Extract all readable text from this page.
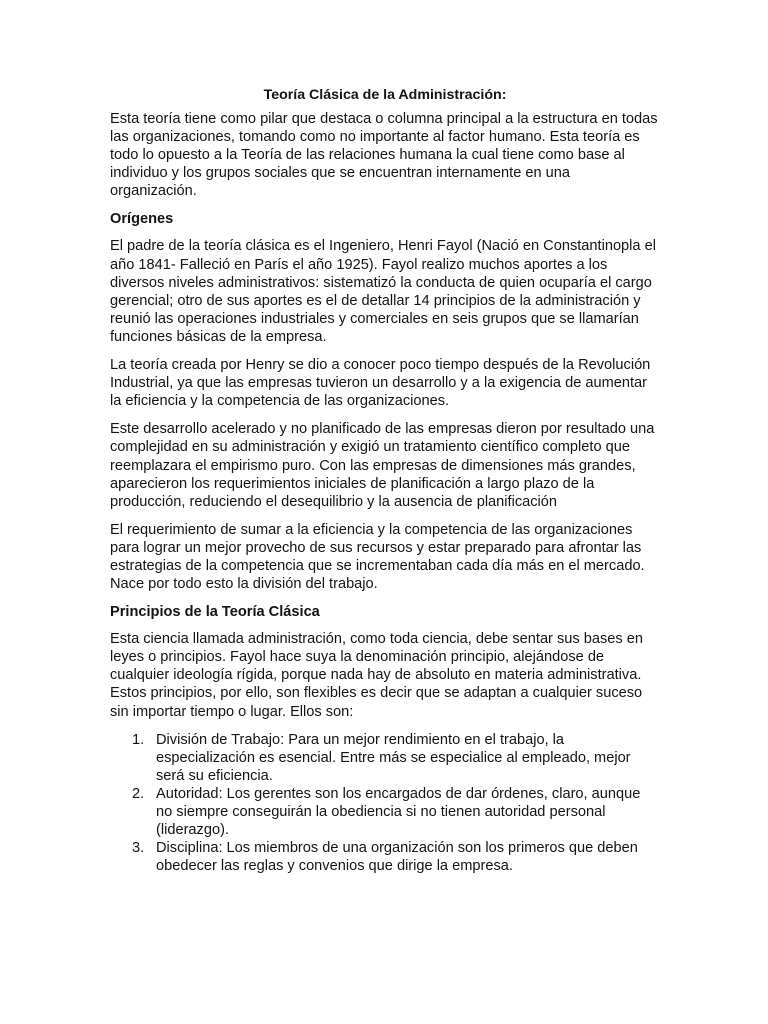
Teoría Clásica de la Administración:

Esta teoría tiene como pilar que destaca o columna principal a la estructura en todas las organizaciones, tomando como no importante al factor humano. Esta teoría es todo lo opuesto a la Teoría de las relaciones humana la cual tiene como base al individuo y los grupos sociales que se encuentran internamente en una organización.

Orígenes

El padre de la teoría clásica es el Ingeniero, Henri Fayol (Nació en Constantinopla el año 1841- Falleció en París el año 1925). Fayol realizo muchos aportes a los diversos niveles administrativos: sistematizó la conducta de quien ocuparía el cargo gerencial; otro de sus aportes es el de detallar 14 principios de la administración y reunió las operaciones industriales y comerciales en seis grupos que se llamarían funciones básicas de la empresa.

La teoría creada por Henry se dio a conocer poco tiempo después de la Revolución Industrial, ya que las empresas tuvieron un desarrollo y a la exigencia de aumentar la eficiencia y la competencia de las organizaciones.

Este desarrollo acelerado y no planificado de las empresas dieron por resultado una complejidad en su administración y exigió un tratamiento científico completo que reemplazara el empirismo puro. Con las empresas de dimensiones más grandes, aparecieron los requerimientos iniciales de planificación a largo plazo de la producción, reduciendo el desequilibrio y la ausencia de planificación

El requerimiento de sumar a la eficiencia y la competencia de las organizaciones para lograr un mejor provecho de sus recursos y estar preparado para afrontar las estrategias de la competencia que se incrementaban cada día más en el mercado. Nace por todo esto la división del trabajo.

Principios de la Teoría Clásica

Esta ciencia llamada administración, como toda ciencia, debe sentar sus bases en leyes o principios. Fayol hace suya la denominación principio, alejándose de cualquier ideología rígida, porque nada hay de absoluto en materia administrativa. Estos principios, por ello, son flexibles es decir que se adaptan a cualquier suceso sin importar tiempo o lugar. Ellos son:

1. División de Trabajo: Para un mejor rendimiento en el trabajo, la especialización es esencial. Entre más se especialice al empleado, mejor será su eficiencia.
2. Autoridad: Los gerentes son los encargados de dar órdenes, claro, aunque no siempre conseguirán la obediencia si no tienen autoridad personal (liderazgo).
3. Disciplina: Los miembros de una organización son los primeros que deben obedecer las reglas y convenios que dirige la empresa.
